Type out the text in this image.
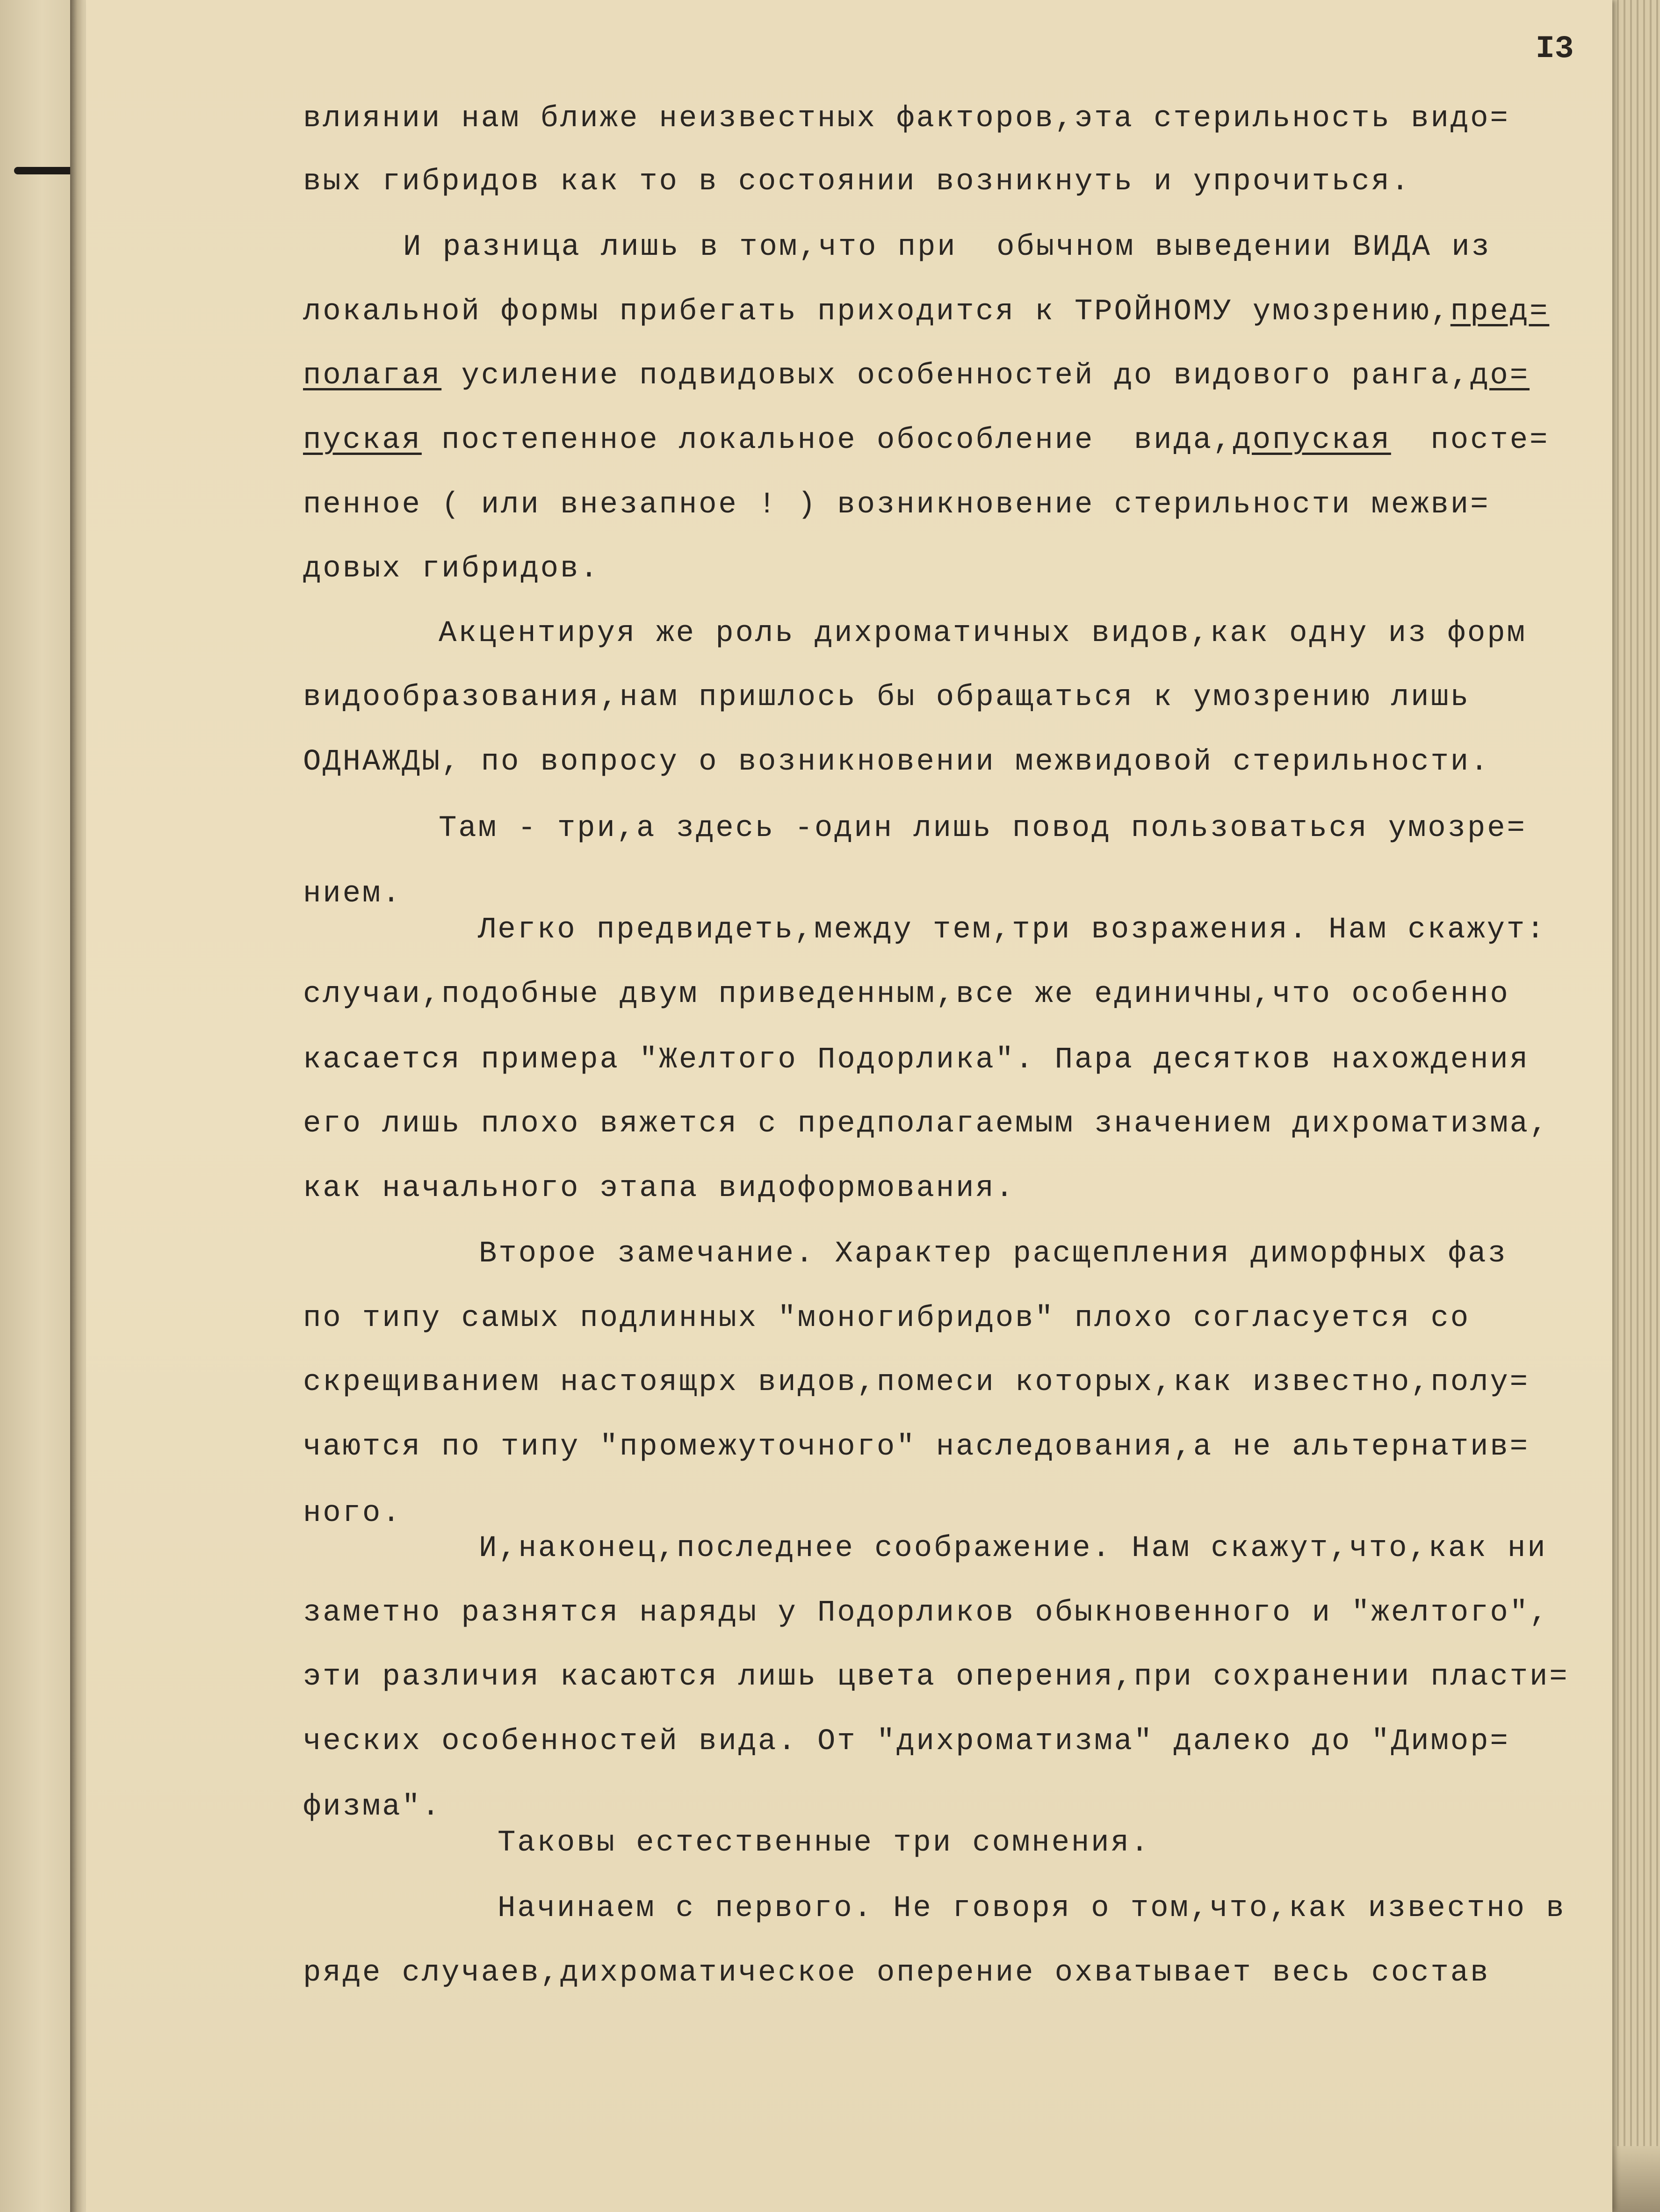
I3
влиянии нам ближе неизвестных факторов,эта стерильность видо=
вых гибридов как то в состоянии возникнуть и упрочиться.
И разница лишь в том,что при  обычном выведении ВИДА из
локальной формы прибегать приходится к ТРОЙНОМУ умозрению,пред=
полагая усиление подвидовых особенностей до видового ранга,до=
пуская постепенное локальное обособление  вида,допуская  посте=
пенное ( или внезапное ! ) возникновение стерильности межви=
довых гибридов.
Акцентируя же роль дихроматичных видов,как одну из форм
видообразования,нам пришлось бы обращаться к умозрению лишь
ОДНАЖДЫ, по вопросу о возникновении межвидовой стерильности.
Там - три,а здесь -один лишь повод пользоваться умозре=
нием.
Легко предвидеть,между тем,три возражения. Нам скажут:
случаи,подобные двум приведенным,все же единичны,что особенно
касается примера "Желтого Подорлика". Пара десятков нахождения
его лишь плохо вяжется с предполагаемым значением дихроматизма,
как начального этапа видоформования.
Второе замечание. Характер расщепления диморфных фаз
по типу самых подлинных "моногибридов" плохо согласуется со
скрещиванием настоящрх видов,помеси которых,как известно,полу=
чаются по типу "промежуточного" наследования,а не альтернатив=
ного.
И,наконец,последнее соображение. Нам скажут,что,как ни
заметно разнятся наряды у Подорликов обыкновенного и "желтого",
эти различия касаются лишь цвета оперения,при сохранении пласти=
ческих особенностей вида. От "дихроматизма" далеко до "Димор=
физма".
Таковы естественные три сомнения.
Начинаем с первого. Не говоря о том,что,как известно в
ряде случаев,дихроматическое оперение охватывает весь состав
